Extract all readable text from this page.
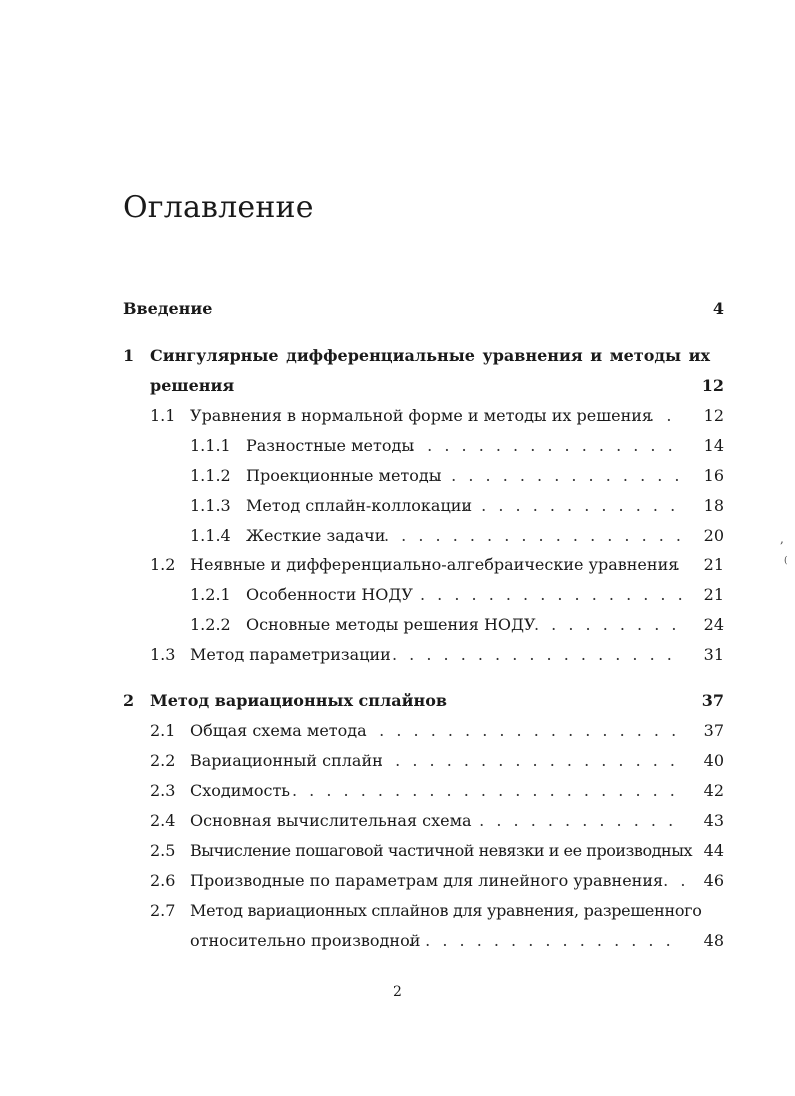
Оглавление
Введение	4
1 Сингулярные дифференциальные уравнения и методы их
решения	12
1.1 Уравнения в нормальной форме и методы их решения . . .	12
1.1.1 Разностные методы . . .	14
1.1.2 Проекционные методы . . .	16
1.1.3 Метод сплайн-коллокации . . .	18
1.1.4 Жесткие задачи . . .	20
1.2 Неявные и дифференциально-алгебраические уравнения . . . 21
1.2.1 Особенности НОДУ . . .	21
1.2.2 Основные методы решения НОДУ . . .	24
1.3 Метод параметризации . . .	31
2 Метод вариационных сплайнов	37
2.1 Общая схема метода . . .	37
2.2 Вариационный сплайн . . .	40
2.3 Сходимость . . .	42
2.4 Основная вычислительная схема . . .	43
2.5 Вычисление пошаговой частичной невязки и ее производных 44
2.6 Производные по параметрам для линейного уравнения . . .	46
2.7 Метод вариационных сплайнов для уравнения, разрешенного
относительно производной . . .	48
2
,
(
